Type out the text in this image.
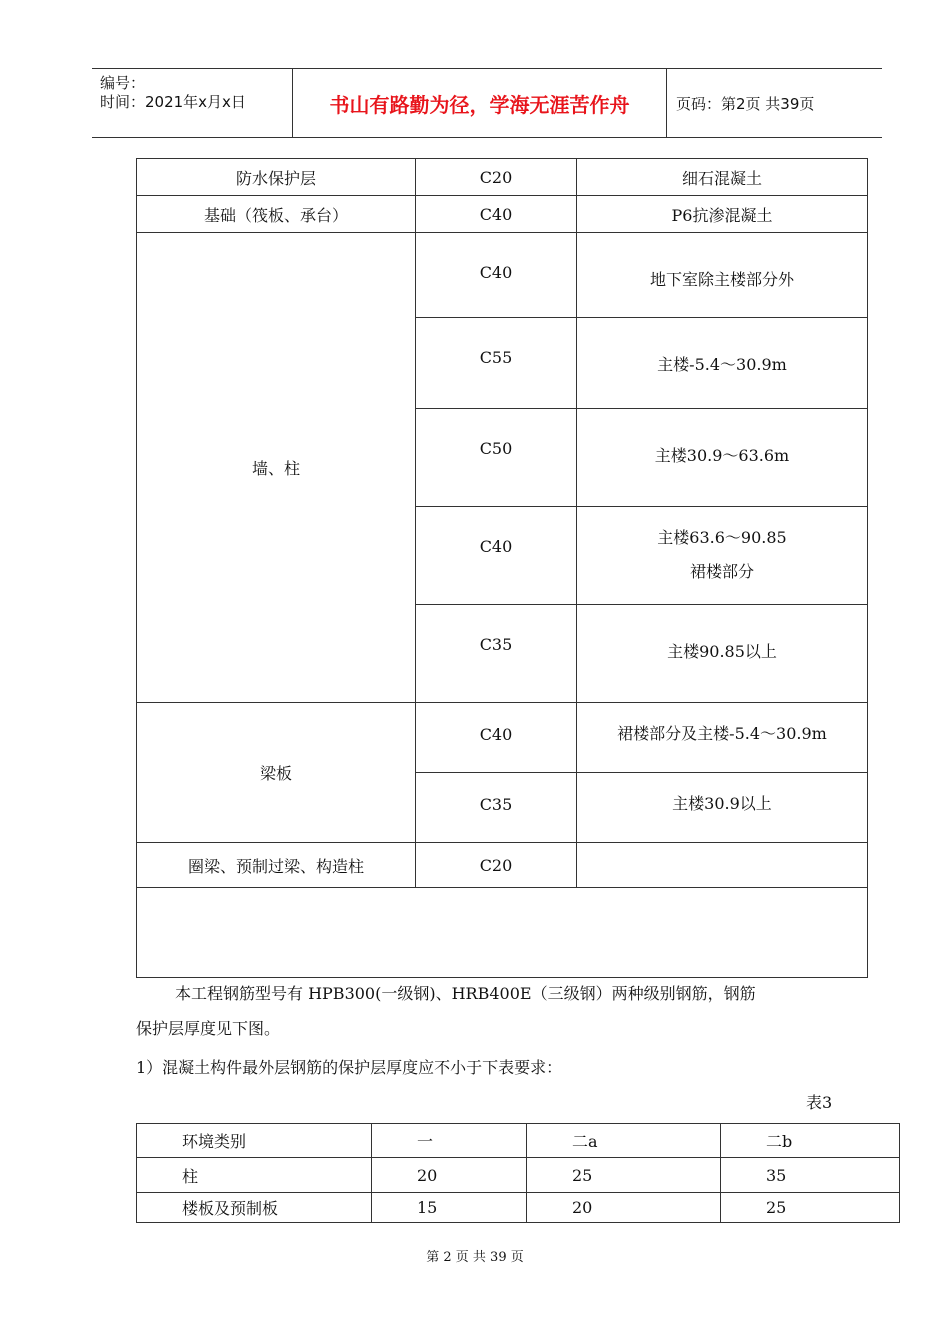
编号：
时间：2021年x月x日	书山有路勤为径，学海无涯苦作舟	页码：第2页 共39页
防水保护层	C20	细石混凝土
基础（筏板、承台）	C40	P6抗渗混凝土
墙、柱	C40	地下室除主楼部分外
	C55	主楼-5.4～30.9m
	C50	主楼30.9～63.6m
	C40	主楼63.6～90.85
裙楼部分

	C35	主楼90.85以上
梁板	C40	裙楼部分及主楼-5.4～30.9m
	C35	主楼30.9以上
圈梁、预制过梁、构造柱	C20	

本工程钢筋型号有 HPB300(一级钢)、HRB400E（三级钢）两种级别钢筋，钢筋
保护层厚度见下图。
1）混凝土构件最外层钢筋的保护层厚度应不小于下表要求：
表3
环境类别	一	二a	二b
柱	20	25	35
楼板及预制板	15	20	25
第 2 页 共 39 页
